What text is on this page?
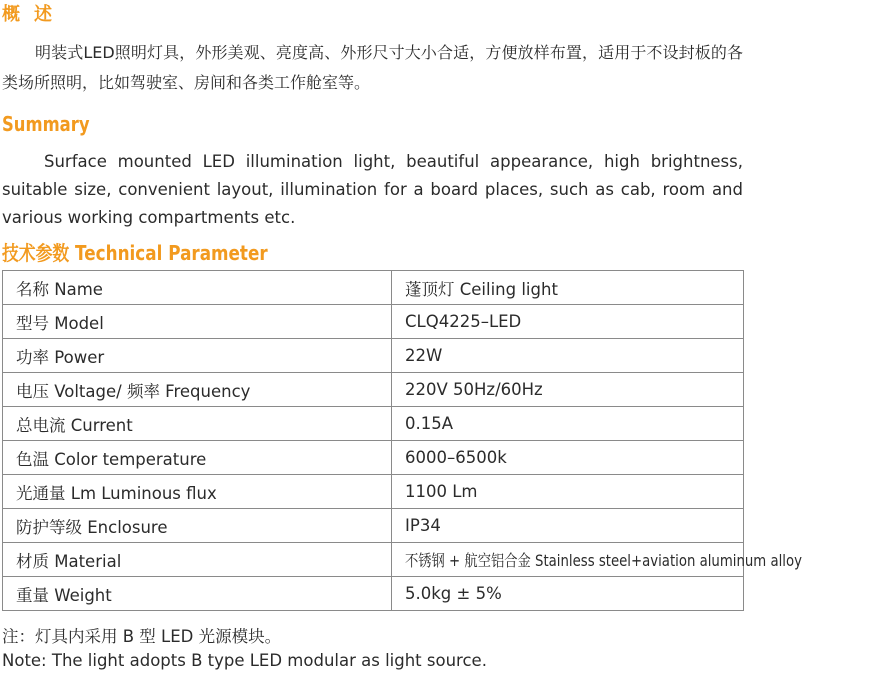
概述

明装式LED照明灯具，外形美观、亮度高、外形尺寸大小合适，方便放样布置，适用于不设封板的各类场所照明，比如驾驶室、房间和各类工作舱室等。

Summary

Surface mounted LED illumination light, beautiful appearance, high brightness, suitable size, convenient layout, illumination for a board places, such as cab, room and various working compartments etc.

技术参数 Technical Parameter
名称 Name	蓬顶灯 Ceiling light
型号 Model	CLQ4225–LED
功率 Power	22W
电压 Voltage/ 频率 Frequency	220V 50Hz/60Hz
总电流 Current	0.15A
色温 Color temperature	6000–6500k
光通量 Lm Luminous flux	1100 Lm
防护等级 Enclosure	IP34
材质 Material	不锈钢 + 航空铝合金 Stainless steel+aviation aluminum alloy
重量 Weight	5.0kg ± 5%
注：灯具内采用 B 型 LED 光源模块。
Note: The light adopts B type LED modular as light source.
